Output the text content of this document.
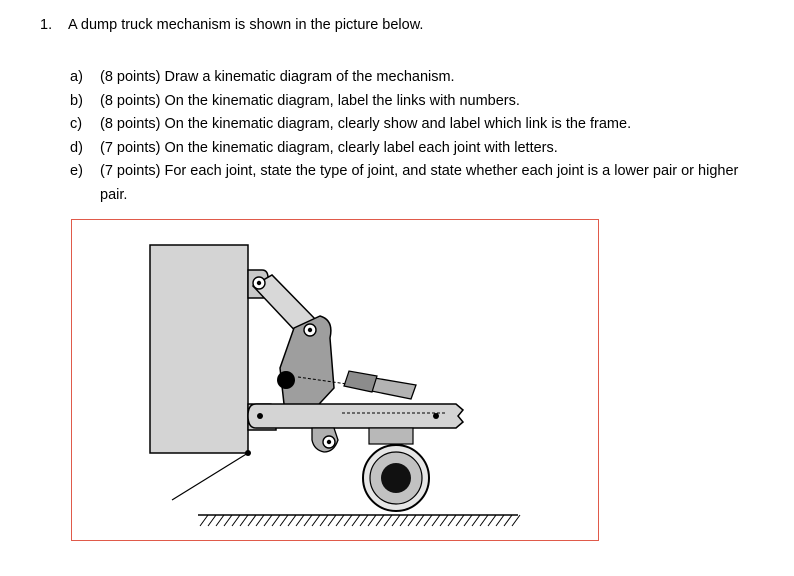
1. A dump truck mechanism is shown in the picture below.
a)	(8 points) Draw a kinematic diagram of the mechanism.
b)	(8 points) On the kinematic diagram, label the links with numbers.
c)	(8 points) On the kinematic diagram, clearly show and label which link is the frame.
d)	(7 points) On the kinematic diagram, clearly label each joint with letters.
e)	(7 points) For each joint, state the type of joint, and state whether each joint is a lower pair or higher pair.
